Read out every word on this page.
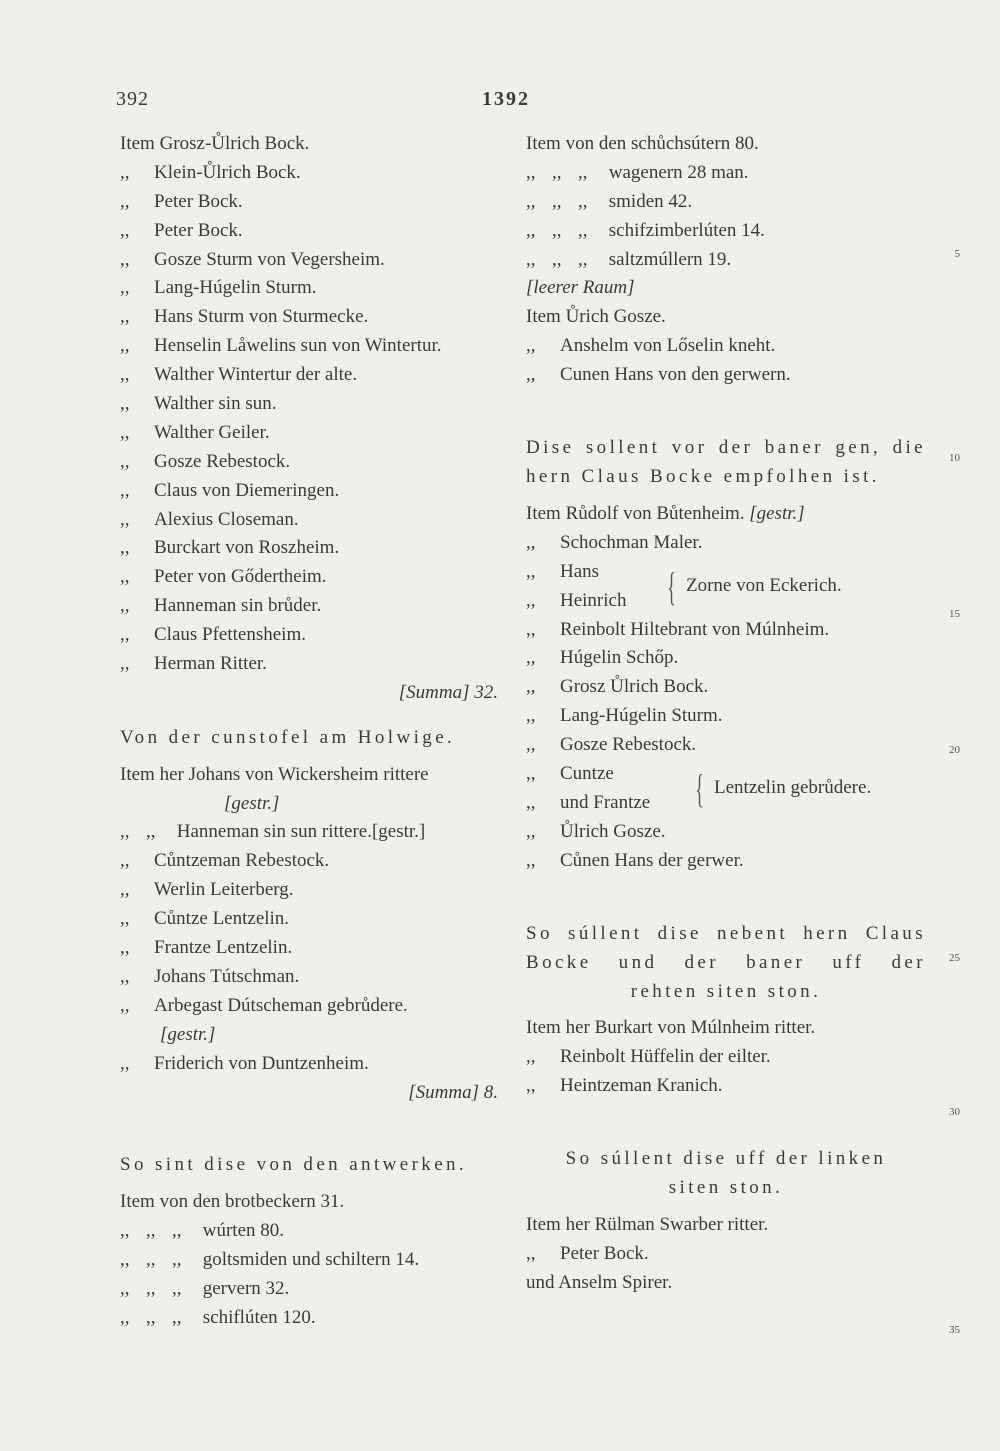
392	1392
Item Grosz-Ůlrich Bock.
,, Klein-Ůlrich Bock.
,, Peter Bock.
,, Peter Bock.
,, Gosze Sturm von Vegersheim.
,, Lang-Húgelin Sturm.
,, Hans Sturm von Sturmecke.
,, Henselin Låwelins sun von Wintertur.
,, Walther Wintertur der alte.
,, Walther sin sun.
,, Walther Geiler.
,, Gosze Rebestock.
,, Claus von Diemeringen.
,, Alexius Closeman.
,, Burckart von Roszheim.
,, Peter von Gődertheim.
,, Hanneman sin brůder.
,, Claus Pfettensheim.
,, Herman Ritter.
[Summa] 32.
Von der cunstofel am Holwige.
Item her Johans von Wickersheim rittere
[gestr.]
,, ,, Hanneman sin sun rittere.[gestr.]
,, Cůntzeman Rebestock.
,, Werlin Leiterberg.
,, Cůntze Lentzelin.
,, Frantze Lentzelin.
,, Johans Tútschman.
,, Arbegast Dútscheman gebrůdere.
[gestr.]
,, Friderich von Duntzenheim.
[Summa] 8.
So sint dise von den antwerken.
Item von den brotbeckern 31.
,, ,, ,, wúrten 80.
,, ,, ,, goltsmiden und schiltern 14.
,, ,, ,, gervern 32.
,, ,, ,, schiflúten 120.
Item von den schůchsútern 80.
,, ,, ,, wagenern 28 man.
,, ,, ,, smiden 42.
,, ,, ,, schifzimberlúten 14.
,, ,, ,, saltzmúllern 19.
[leerer Raum]
Item Ůrich Gosze.
,, Anshelm von Lőselin kneht.
,, Cunen Hans von den gerwern.
Dise sollent vor der baner gen, die
hern Claus Bocke empfolhen ist.
Item Růdolf von Bůtenheim. [gestr.]
,, Schochman Maler.
,, Hans
,, Heinrich { Zorne von Eckerich.
,, Reinbolt Hiltebrant von Múlnheim.
,, Húgelin Schőp.
,, Grosz Ůlrich Bock.
,, Lang-Húgelin Sturm.
,, Gosze Rebestock.
,, Cuntze
,, und Frantze { Lentzelin gebrůdere.
,, Ůlrich Gosze.
,, Cůnen Hans der gerwer.
So súllent dise nebent hern Claus
Bocke und der baner uff der
rehten siten ston.
Item her Burkart von Múlnheim ritter.
,, Reinbolt Hüffelin der eilter.
,, Heintzeman Kranich.
So súllent dise uff der linken
siten ston.
Item her Rülman Swarber ritter.
,, Peter Bock.
und Anselm Spirer.
5
10
15
20
25
30
35
